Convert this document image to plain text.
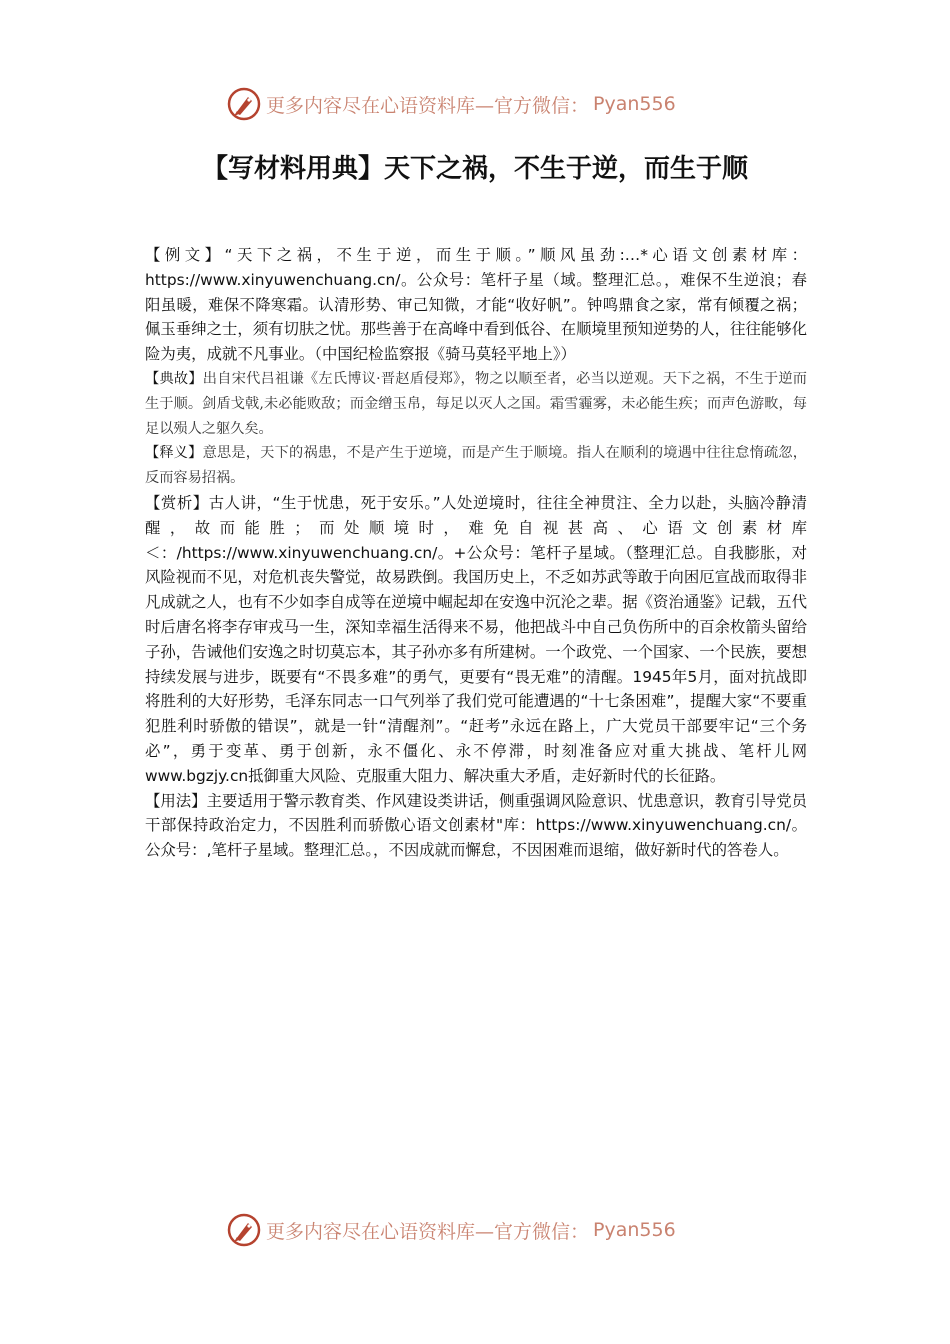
更多内容尽在心语资料库—官方微信： Pyan556
【写材料用典】天下之祸，不生于逆，而生于顺

【例文】“天下之祸，不生于逆，而生于顺。”顺风虽劲:…*心语文创素材库：https://www.xinyuwenchuang.cn/。公众号：笔杆子星（域。整理汇总。，难保不生逆浪；春阳虽暖，难保不降寒霜。认清形势、审己知微，才能“收好帆”。钟鸣鼎食之家，常有倾覆之祸；佩玉垂绅之士，须有切肤之忧。那些善于在高峰中看到低谷、在顺境里预知逆势的人，往往能够化险为夷，成就不凡事业。（中国纪检监察报《骑马莫轻平地上》）

【典故】出自宋代吕祖谦《左氏博议·晋赵盾侵郑》，物之以顺至者，必当以逆观。天下之祸，不生于逆而生于顺。剑盾戈戟,未必能败敌；而金缯玉帛，每足以灭人之国。霜雪霾雾，未必能生疾；而声色游畋，每足以殒人之躯久矣。

【释义】意思是，天下的祸患，不是产生于逆境，而是产生于顺境。指人在顺利的境遇中往往怠惰疏忽，反而容易招祸。

【赏析】古人讲，“生于忧患，死于安乐。”人处逆境时，往往全神贯注、全力以赴，头脑冷静清醒，故而能胜；而处顺境时，难免自视甚高、心语文创素材库＜：/https://www.xinyuwenchuang.cn/。+公众号：笔杆子星域。（整理汇总。自我膨胀，对风险视而不见，对危机丧失警觉，故易跌倒。我国历史上，不乏如苏武等敢于向困厄宣战而取得非凡成就之人，也有不少如李自成等在逆境中崛起却在安逸中沉沦之辈。据《资治通鉴》记载，五代时后唐名将李存审戎马一生，深知幸福生活得来不易，他把战斗中自己负伤所中的百余枚箭头留给子孙，告诫他们安逸之时切莫忘本，其子孙亦多有所建树。一个政党、一个国家、一个民族，要想持续发展与进步，既要有“不畏多难”的勇气，更要有“畏无难”的清醒。1945年5月，面对抗战即将胜利的大好形势，毛泽东同志一口气列举了我们党可能遭遇的“十七条困难”，提醒大家“不要重犯胜利时骄傲的错误”，就是一针“清醒剂”。“赶考”永远在路上，广大党员干部要牢记“三个务必”，勇于变革、勇于创新，永不僵化、永不停滞，时刻准备应对重大挑战、笔杆儿网www.bgzjy.cn抵御重大风险、克服重大阻力、解决重大矛盾，走好新时代的长征路。

【用法】主要适用于警示教育类、作风建设类讲话，侧重强调风险意识、忧患意识，教育引导党员干部保持政治定力，不因胜利而骄傲心语文创素材"库：https://www.xinyuwenchuang.cn/。公众号：,笔杆子星域。整理汇总。，不因成就而懈怠，不因困难而退缩，做好新时代的答卷人。

更多内容尽在心语资料库—官方微信： Pyan556
